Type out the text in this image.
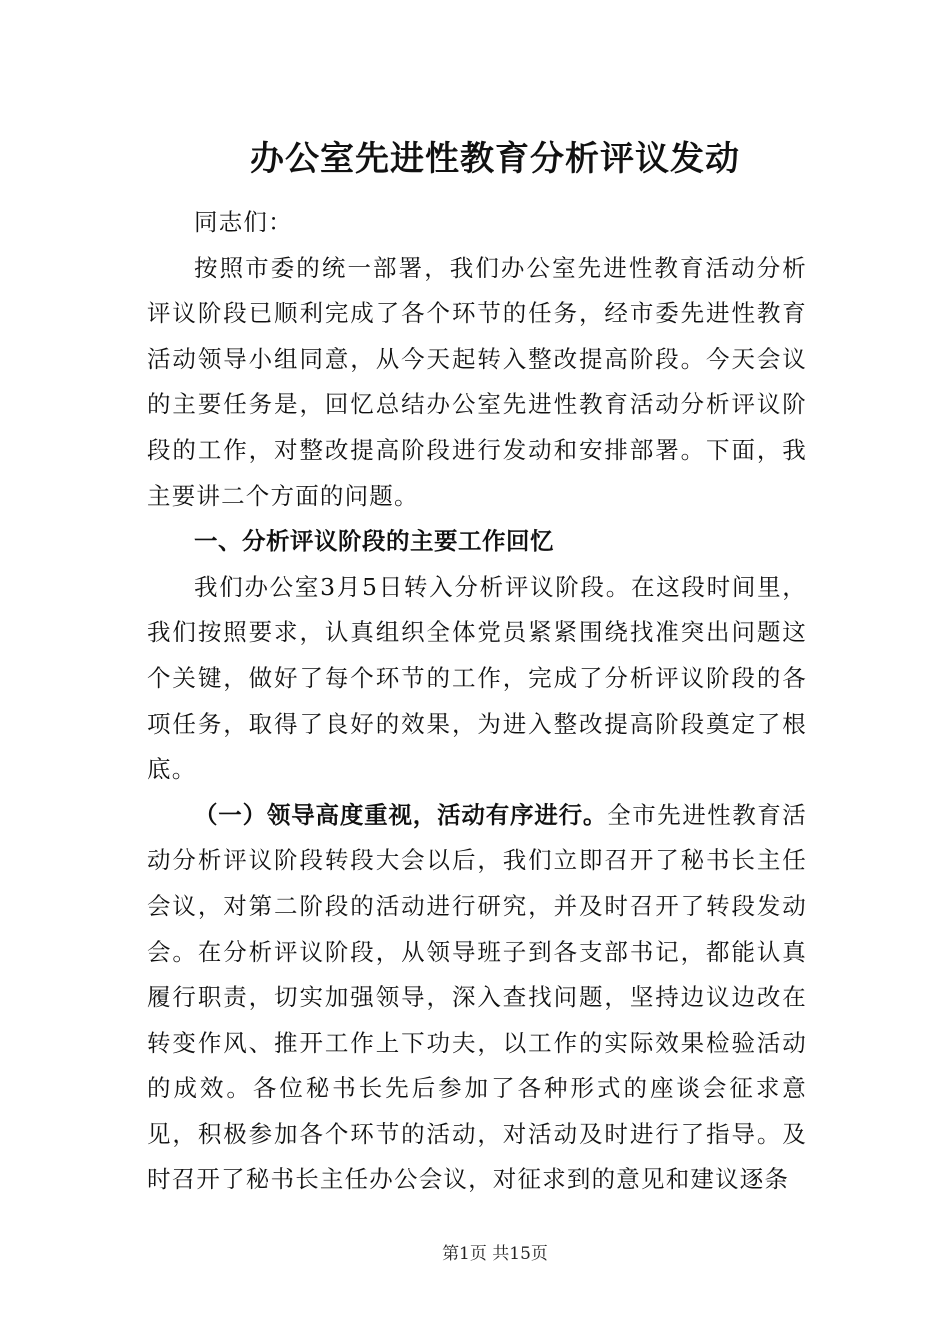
办公室先进性教育分析评议发动

同志们：

按照市委的统一部署，我们办公室先进性教育活动分析评议阶段已顺利完成了各个环节的任务，经市委先进性教育活动领导小组同意，从今天起转入整改提高阶段。今天会议的主要任务是，回忆总结办公室先进性教育活动分析评议阶段的工作，对整改提高阶段进行发动和安排部署。下面，我主要讲二个方面的问题。

一、分析评议阶段的主要工作回忆

我们办公室3月5日转入分析评议阶段。在这段时间里，我们按照要求，认真组织全体党员紧紧围绕找准突出问题这个关键，做好了每个环节的工作，完成了分析评议阶段的各项任务，取得了良好的效果，为进入整改提高阶段奠定了根底。

（一）领导高度重视，活动有序进行。全市先进性教育活动分析评议阶段转段大会以后，我们立即召开了秘书长主任会议，对第二阶段的活动进行研究，并及时召开了转段发动会。在分析评议阶段，从领导班子到各支部书记，都能认真履行职责，切实加强领导，深入查找问题，坚持边议边改在转变作风、推开工作上下功夫，以工作的实际效果检验活动的成效。各位秘书长先后参加了各种形式的座谈会征求意见，积极参加各个环节的活动，对活动及时进行了指导。及时召开了秘书长主任办公会议，对征求到的意见和建议逐条

第1页 共15页
